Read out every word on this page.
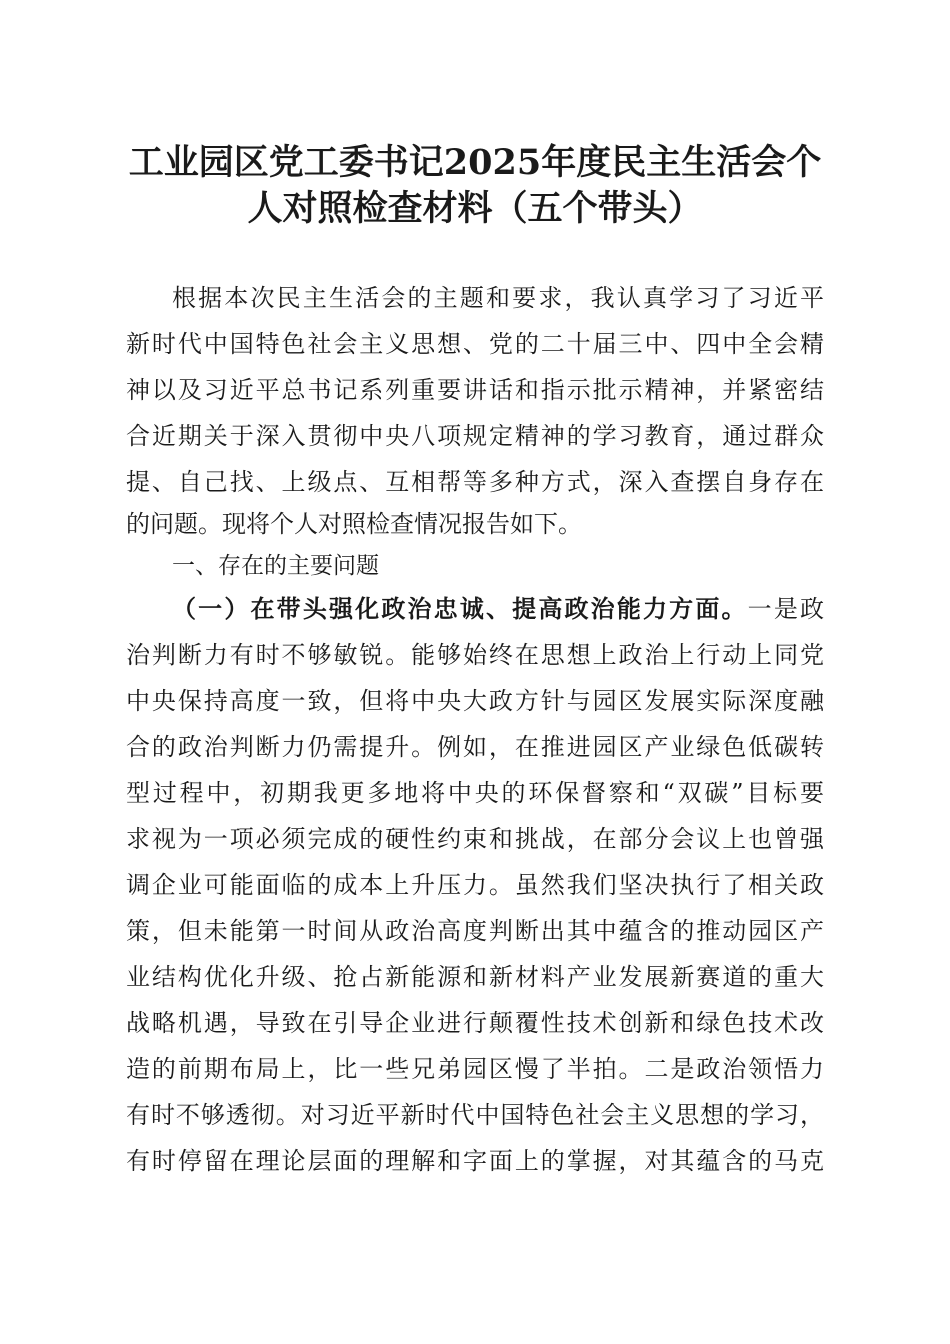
工业园区党工委书记2025年度民主生活会个
人对照检查材料（五个带头）
根据本次民主生活会的主题和要求，我认真学习了习近平
新时代中国特色社会主义思想、党的二十届三中、四中全会精
神以及习近平总书记系列重要讲话和指示批示精神，并紧密结
合近期关于深入贯彻中央八项规定精神的学习教育，通过群众
提、自己找、上级点、互相帮等多种方式，深入查摆自身存在
的问题。现将个人对照检查情况报告如下。
一、存在的主要问题
（一）在带头强化政治忠诚、提高政治能力方面。一是政
治判断力有时不够敏锐。能够始终在思想上政治上行动上同党
中央保持高度一致，但将中央大政方针与园区发展实际深度融
合的政治判断力仍需提升。例如，在推进园区产业绿色低碳转
型过程中，初期我更多地将中央的环保督察和“双碳”目标要
求视为一项必须完成的硬性约束和挑战，在部分会议上也曾强
调企业可能面临的成本上升压力。虽然我们坚决执行了相关政
策，但未能第一时间从政治高度判断出其中蕴含的推动园区产
业结构优化升级、抢占新能源和新材料产业发展新赛道的重大
战略机遇，导致在引导企业进行颠覆性技术创新和绿色技术改
造的前期布局上，比一些兄弟园区慢了半拍。二是政治领悟力
有时不够透彻。对习近平新时代中国特色社会主义思想的学习，
有时停留在理论层面的理解和字面上的掌握，对其蕴含的马克
